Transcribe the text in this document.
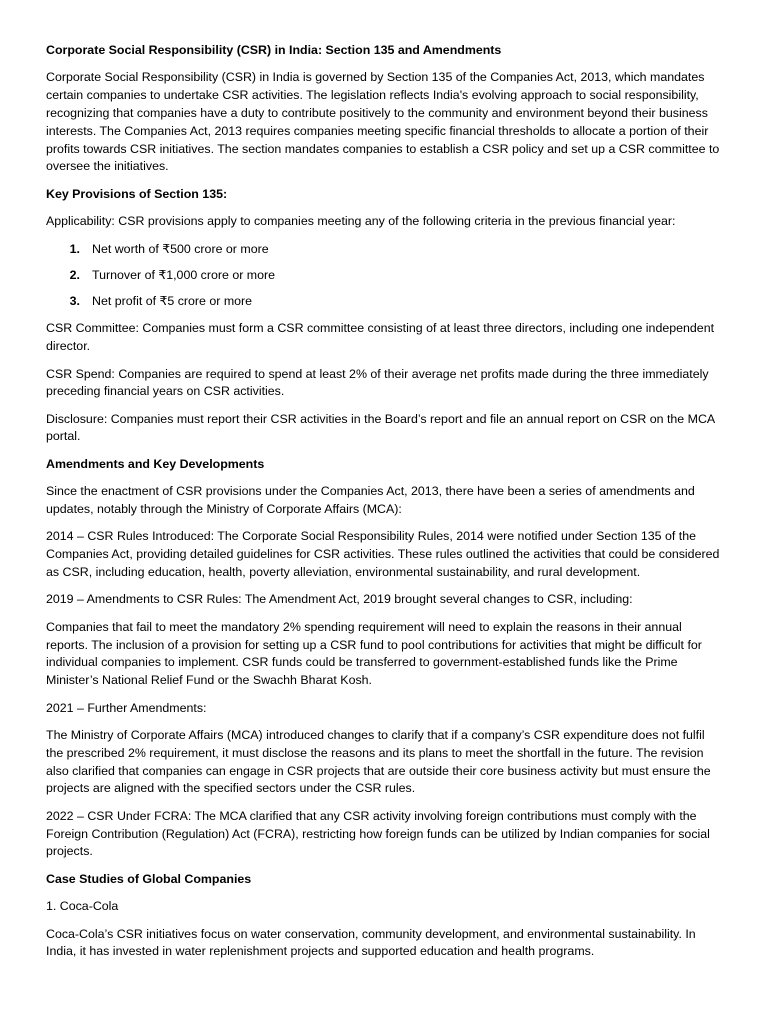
Corporate Social Responsibility (CSR) in India: Section 135 and Amendments

Corporate Social Responsibility (CSR) in India is governed by Section 135 of the Companies Act, 2013, which mandates certain companies to undertake CSR activities. The legislation reflects India's evolving approach to social responsibility, recognizing that companies have a duty to contribute positively to the community and environment beyond their business interests. The Companies Act, 2013 requires companies meeting specific financial thresholds to allocate a portion of their profits towards CSR initiatives. The section mandates companies to establish a CSR policy and set up a CSR committee to oversee the initiatives.

Key Provisions of Section 135:

Applicability: CSR provisions apply to companies meeting any of the following criteria in the previous financial year:

1. Net worth of ₹500 crore or more
2. Turnover of ₹1,000 crore or more
3. Net profit of ₹5 crore or more

CSR Committee: Companies must form a CSR committee consisting of at least three directors, including one independent director.

CSR Spend: Companies are required to spend at least 2% of their average net profits made during the three immediately preceding financial years on CSR activities.

Disclosure: Companies must report their CSR activities in the Board’s report and file an annual report on CSR on the MCA portal.

Amendments and Key Developments

Since the enactment of CSR provisions under the Companies Act, 2013, there have been a series of amendments and updates, notably through the Ministry of Corporate Affairs (MCA):

2014 – CSR Rules Introduced: The Corporate Social Responsibility Rules, 2014 were notified under Section 135 of the Companies Act, providing detailed guidelines for CSR activities. These rules outlined the activities that could be considered as CSR, including education, health, poverty alleviation, environmental sustainability, and rural development.

2019 – Amendments to CSR Rules: The Amendment Act, 2019 brought several changes to CSR, including:

Companies that fail to meet the mandatory 2% spending requirement will need to explain the reasons in their annual reports. The inclusion of a provision for setting up a CSR fund to pool contributions for activities that might be difficult for individual companies to implement. CSR funds could be transferred to government-established funds like the Prime Minister’s National Relief Fund or the Swachh Bharat Kosh.

2021 – Further Amendments:

The Ministry of Corporate Affairs (MCA) introduced changes to clarify that if a company’s CSR expenditure does not fulfil the prescribed 2% requirement, it must disclose the reasons and its plans to meet the shortfall in the future. The revision also clarified that companies can engage in CSR projects that are outside their core business activity but must ensure the projects are aligned with the specified sectors under the CSR rules.

2022 – CSR Under FCRA: The MCA clarified that any CSR activity involving foreign contributions must comply with the Foreign Contribution (Regulation) Act (FCRA), restricting how foreign funds can be utilized by Indian companies for social projects.

Case Studies of Global Companies

1. Coca-Cola

Coca-Cola’s CSR initiatives focus on water conservation, community development, and environmental sustainability. In India, it has invested in water replenishment projects and supported education and health programs.
